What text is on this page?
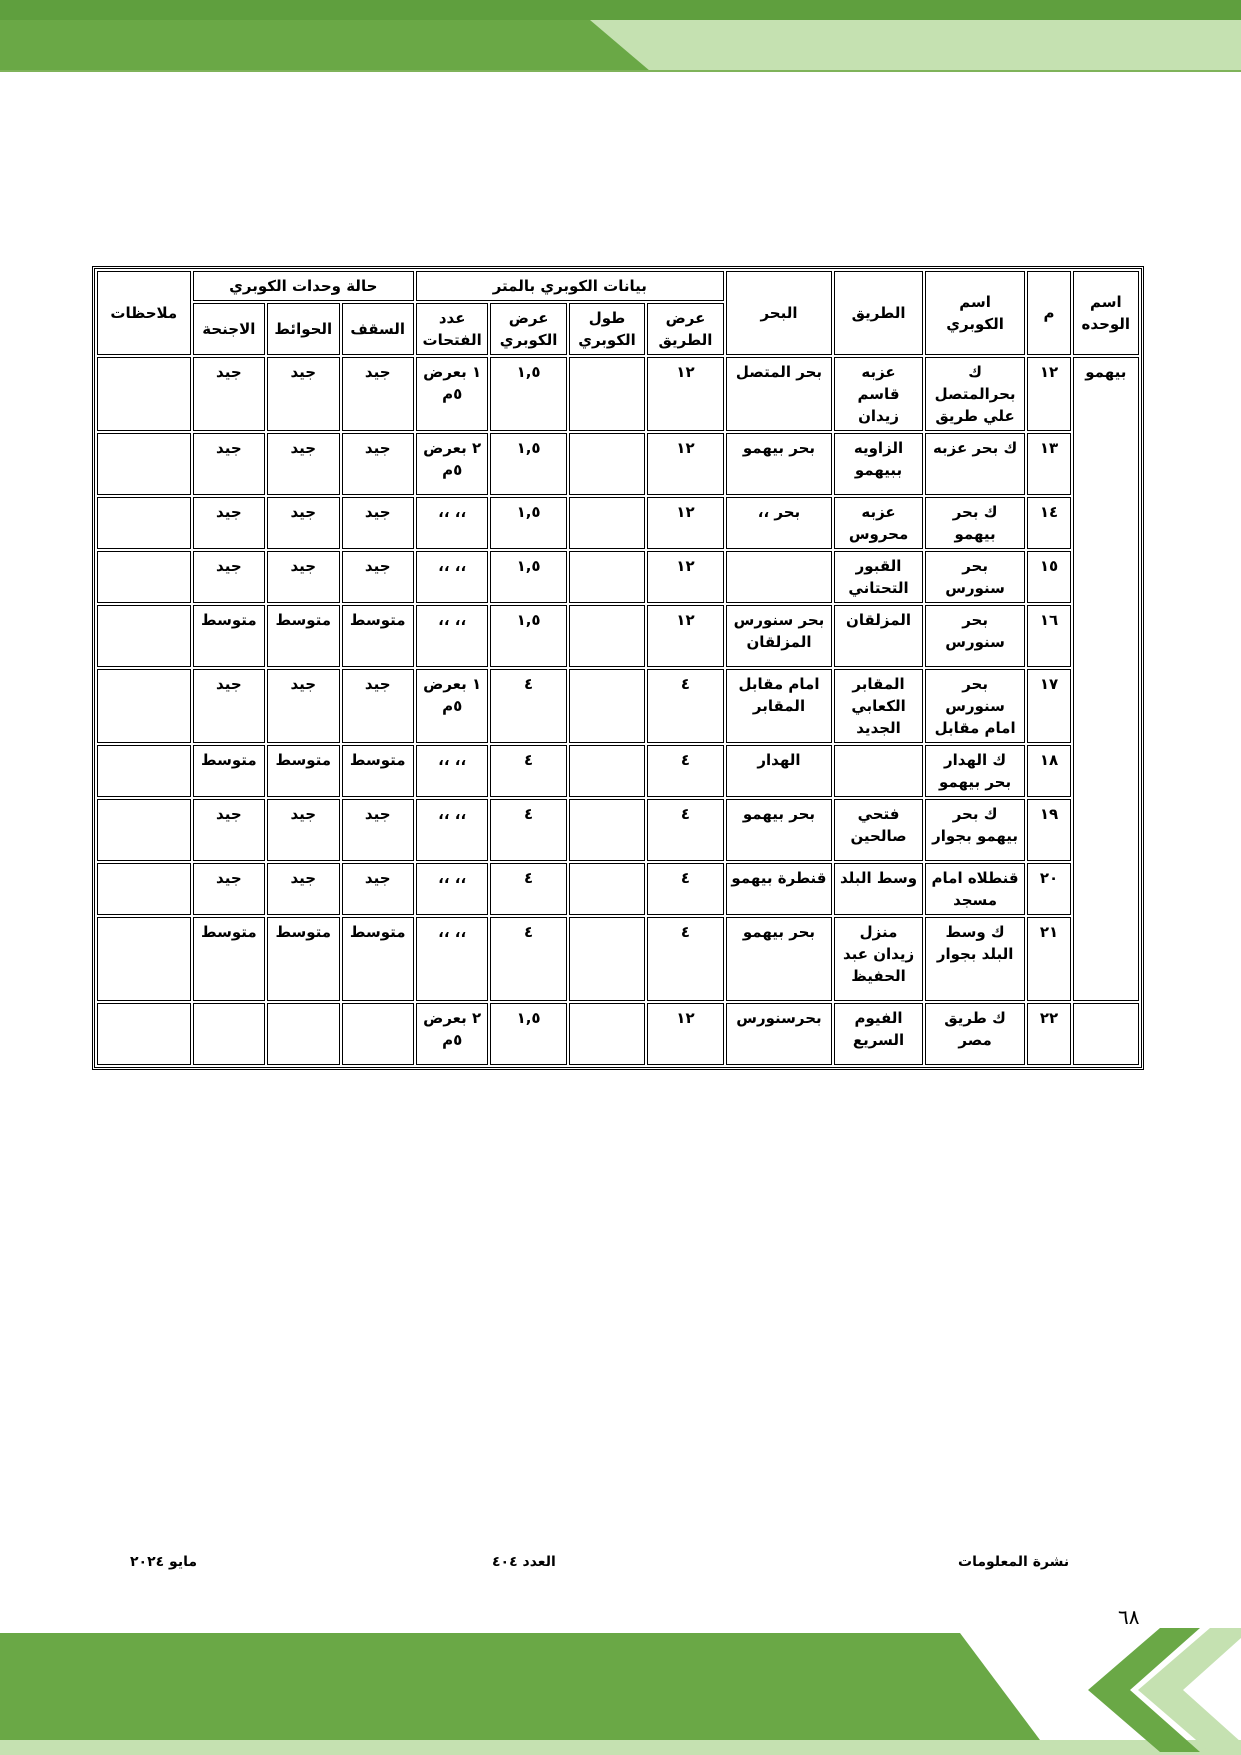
اسم الوحده	م	اسم الكوبري	الطريق	البحر	بيانات الكوبري بالمتر				حالة وحدات الكوبري			ملاحظات
					عرض الطريق	طول الكوبري	عرض الكوبري	عدد الفتحات	السقف	الحوائط	الاجنحة	
بيهمو	١٢	ك بحرالمتصل علي طريق	عزبه قاسم زيدان	بحر المتصل	١٢		١,٥	١ بعرض ٥م	جيد	جيد	جيد	
	١٣	ك بحر عزبه	الزاويه ببيهمو	بحر بيهمو	١٢		١,٥	٢ بعرض ٥م	جيد	جيد	جيد	
	١٤	ك بحر بيهمو	عزبه محروس	بحر ،،	١٢		١,٥	،، ،،	جيد	جيد	جيد	
	١٥	بحر سنورس	القبور التحتاني		١٢		١,٥	،، ،،	جيد	جيد	جيد	
	١٦	بحر سنورس	المزلقان	بحر سنورس المزلقان	١٢		١,٥	،، ،،	متوسط	متوسط	متوسط	
	١٧	بحر سنورس امام مقابل	المقابر الكعابي الجديد	امام مقابل المقابر	٤		٤	١ بعرض ٥م	جيد	جيد	جيد	
	١٨	ك الهدار بحر بيهمو		الهدار	٤		٤	،، ،،	متوسط	متوسط	متوسط	
	١٩	ك بحر بيهمو بجوار	فتحي صالحين	بحر بيهمو	٤		٤	،، ،،	جيد	جيد	جيد	
	٢٠	قنطلاه امام مسجد	وسط البلد	قنطرة بيهمو	٤		٤	،، ،،	جيد	جيد	جيد	
	٢١	ك وسط البلد بجوار	منزل زيدان عبد الحفيظ	بحر بيهمو	٤		٤	،، ،،	متوسط	متوسط	متوسط	
	٢٢	ك طريق مصر	الفيوم السريع	بحرسنورس	١٢		١,٥	٢ بعرض ٥م				
نشرة المعلومات
العدد ٤٠٤
مايو ٢٠٢٤
٦٨
